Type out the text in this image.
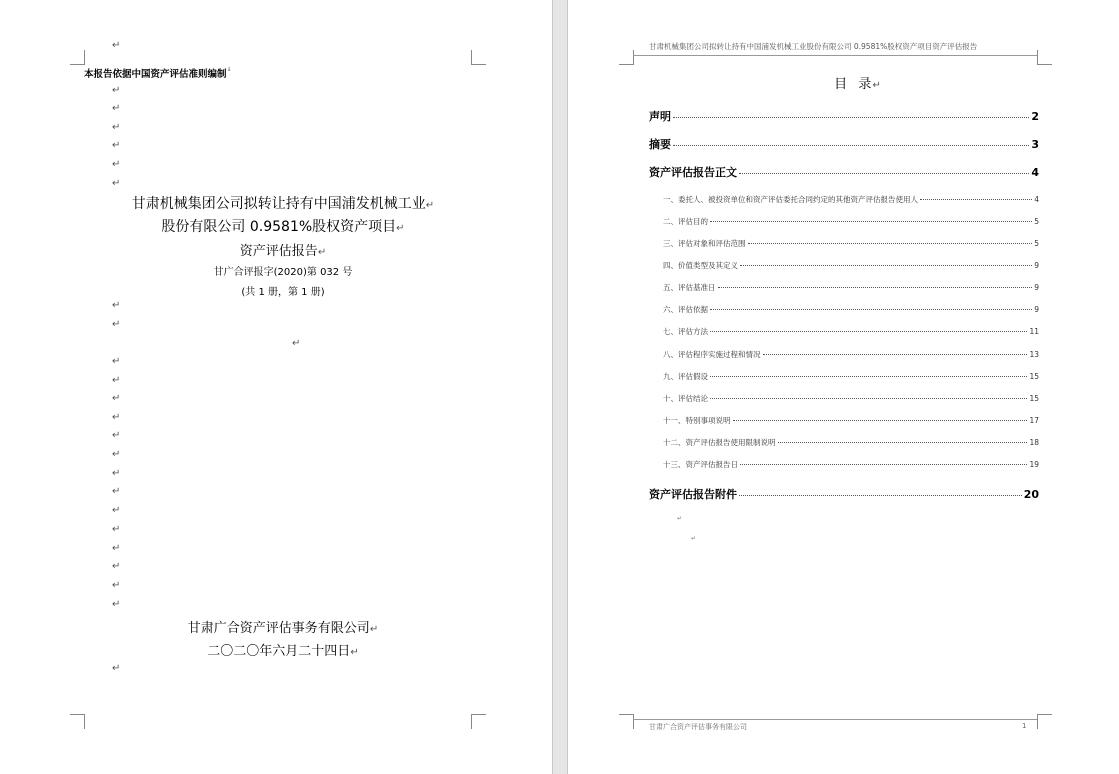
↵
本报告依据中国资产评估准则编制 ↓
↵
↵
↵
↵
↵
↵
甘肃机械集团公司拟转让持有中国浦发机械工业↵
股份有限公司 0.9581%股权资产项目↵
资产评估报告↵
甘广合评报字(2020)第 032 号
(共 1 册，第 1 册)
↵
↵
↵
↵
↵
↵
↵
↵
↵
↵
↵
↵
↵
↵
↵
↵
↵
甘肃广合资产评估事务有限公司↵
二〇二〇年六月二十四日↵
↵
甘肃机械集团公司拟转让持有中国浦发机械工业股份有限公司 0.9581%股权资产项目资产评估报告
目  录↵
声明	2
摘要	3
资产评估报告正文	4
一、委托人、被投资单位和资产评估委托合同约定的其他资产评估报告使用人	4
二、评估目的	5
三、评估对象和评估范围	5
四、价值类型及其定义	9
五、评估基准日	9
六、评估依据	9
七、评估方法	11
八、评估程序实施过程和情况	13
九、评估假设	15
十、评估结论	15
十一、特别事项说明	17
十二、资产评估报告使用限制说明	18
十三、资产评估报告日	19
资产评估报告附件	20
↵
↵
甘肃广合资产评估事务有限公司	1
